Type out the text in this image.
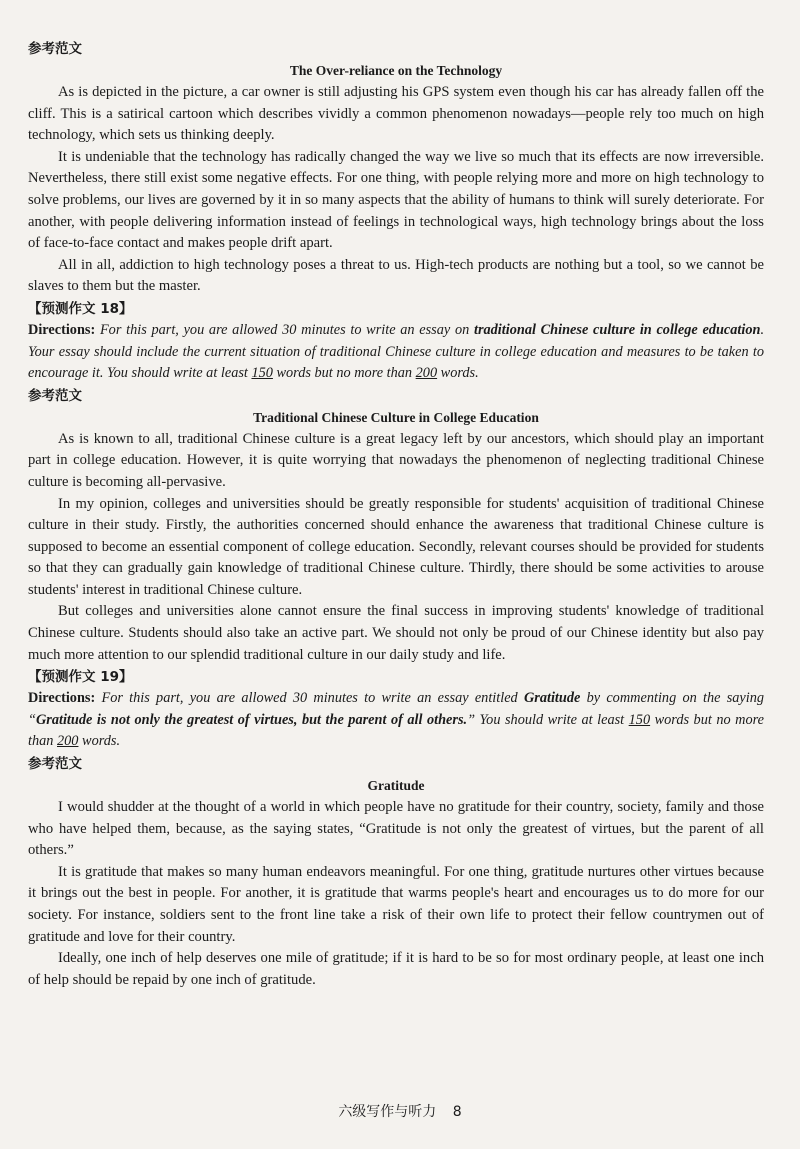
参考范文

The Over-reliance on the Technology

As is depicted in the picture, a car owner is still adjusting his GPS system even though his car has already fallen off the cliff. This is a satirical cartoon which describes vividly a common phenomenon nowadays—people rely too much on high technology, which sets us thinking deeply.

It is undeniable that the technology has radically changed the way we live so much that its effects are now irreversible. Nevertheless, there still exist some negative effects. For one thing, with people relying more and more on high technology to solve problems, our lives are governed by it in so many aspects that the ability of humans to think will surely deteriorate. For another, with people delivering information instead of feelings in technological ways, high technology brings about the loss of face-to-face contact and makes people drift apart.

All in all, addiction to high technology poses a threat to us. High-tech products are nothing but a tool, so we cannot be slaves to them but the master.

【预测作文 18】

Directions: For this part, you are allowed 30 minutes to write an essay on traditional Chinese culture in college education. Your essay should include the current situation of traditional Chinese culture in college education and measures to be taken to encourage it. You should write at least 150 words but no more than 200 words.

参考范文

Traditional Chinese Culture in College Education

As is known to all, traditional Chinese culture is a great legacy left by our ancestors, which should play an important part in college education. However, it is quite worrying that nowadays the phenomenon of neglecting traditional Chinese culture is becoming all-pervasive.

In my opinion, colleges and universities should be greatly responsible for students' acquisition of traditional Chinese culture in their study. Firstly, the authorities concerned should enhance the awareness that traditional Chinese culture is supposed to become an essential component of college education. Secondly, relevant courses should be provided for students so that they can gradually gain knowledge of traditional Chinese culture. Thirdly, there should be some activities to arouse students' interest in traditional Chinese culture.

But colleges and universities alone cannot ensure the final success in improving students' knowledge of traditional Chinese culture. Students should also take an active part. We should not only be proud of our Chinese identity but also pay much more attention to our splendid traditional culture in our daily study and life.

【预测作文 19】

Directions: For this part, you are allowed 30 minutes to write an essay entitled Gratitude by commenting on the saying “Gratitude is not only the greatest of virtues, but the parent of all others.” You should write at least 150 words but no more than 200 words.

参考范文

Gratitude

I would shudder at the thought of a world in which people have no gratitude for their country, society, family and those who have helped them, because, as the saying states, “Gratitude is not only the greatest of virtues, but the parent of all others.”

It is gratitude that makes so many human endeavors meaningful. For one thing, gratitude nurtures other virtues because it brings out the best in people. For another, it is gratitude that warms people's heart and encourages us to do more for our society. For instance, soldiers sent to the front line take a risk of their own life to protect their fellow countrymen out of gratitude and love for their country.

Ideally, one inch of help deserves one mile of gratitude; if it is hard to be so for most ordinary people, at least one inch of help should be repaid by one inch of gratitude.

六级写作与听力 8
